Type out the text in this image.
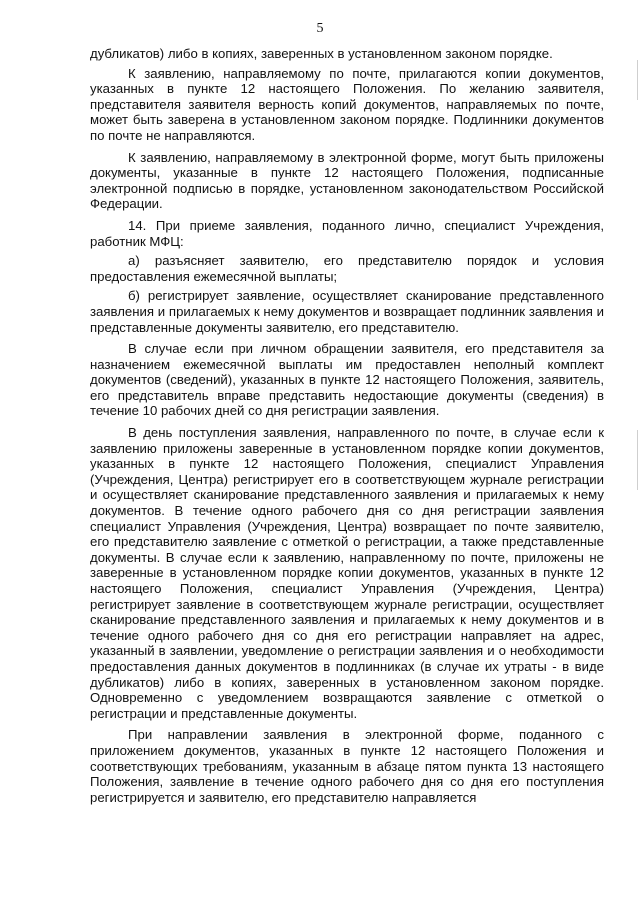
5

дубликатов) либо в копиях, заверенных в установленном законом порядке.

К заявлению, направляемому по почте, прилагаются копии документов, указанных в пункте 12 настоящего Положения. По желанию заявителя, представителя заявителя верность копий документов, направляемых по почте, может быть заверена в установленном законом порядке. Подлинники документов по почте не направляются.

К заявлению, направляемому в электронной форме, могут быть приложены документы, указанные в пункте 12 настоящего Положения, подписанные электронной подписью в порядке, установленном законодательством Российской Федерации.

14. При приеме заявления, поданного лично, специалист Учреждения, работник МФЦ:

а) разъясняет заявителю, его представителю порядок и условия предоставления ежемесячной выплаты;

б) регистрирует заявление, осуществляет сканирование представленного заявления и прилагаемых к нему документов и возвращает подлинник заявления и представленные документы заявителю, его представителю.

В случае если при личном обращении заявителя, его представителя за назначением ежемесячной выплаты им предоставлен неполный комплект документов (сведений), указанных в пункте 12 настоящего Положения, заявитель, его представитель вправе представить недостающие документы (сведения) в течение 10 рабочих дней со дня регистрации заявления.

В день поступления заявления, направленного по почте, в случае если к заявлению приложены заверенные в установленном порядке копии документов, указанных в пункте 12 настоящего Положения, специалист Управления (Учреждения, Центра) регистрирует его в соответствующем журнале регистрации и осуществляет сканирование представленного заявления и прилагаемых к нему документов. В течение одного рабочего дня со дня регистрации заявления специалист Управления (Учреждения, Центра) возвращает по почте заявителю, его представителю заявление с отметкой о регистрации, а также представленные документы. В случае если к заявлению, направленному по почте, приложены не заверенные в установленном порядке копии документов, указанных в пункте 12 настоящего Положения, специалист Управления (Учреждения, Центра) регистрирует заявление в соответствующем журнале регистрации, осуществляет сканирование представленного заявления и прилагаемых к нему документов и в течение одного рабочего дня со дня его регистрации направляет на адрес, указанный в заявлении, уведомление о регистрации заявления и о необходимости предоставления данных документов в подлинниках (в случае их утраты - в виде дубликатов) либо в копиях, заверенных в установленном законом порядке. Одновременно с уведомлением возвращаются заявление с отметкой о регистрации и представленные документы.

При направлении заявления в электронной форме, поданного с приложением документов, указанных в пункте 12 настоящего Положения и соответствующих требованиям, указанным в абзаце пятом пункта 13 настоящего Положения, заявление в течение одного рабочего дня со дня его поступления регистрируется и заявителю, его представителю направляется
